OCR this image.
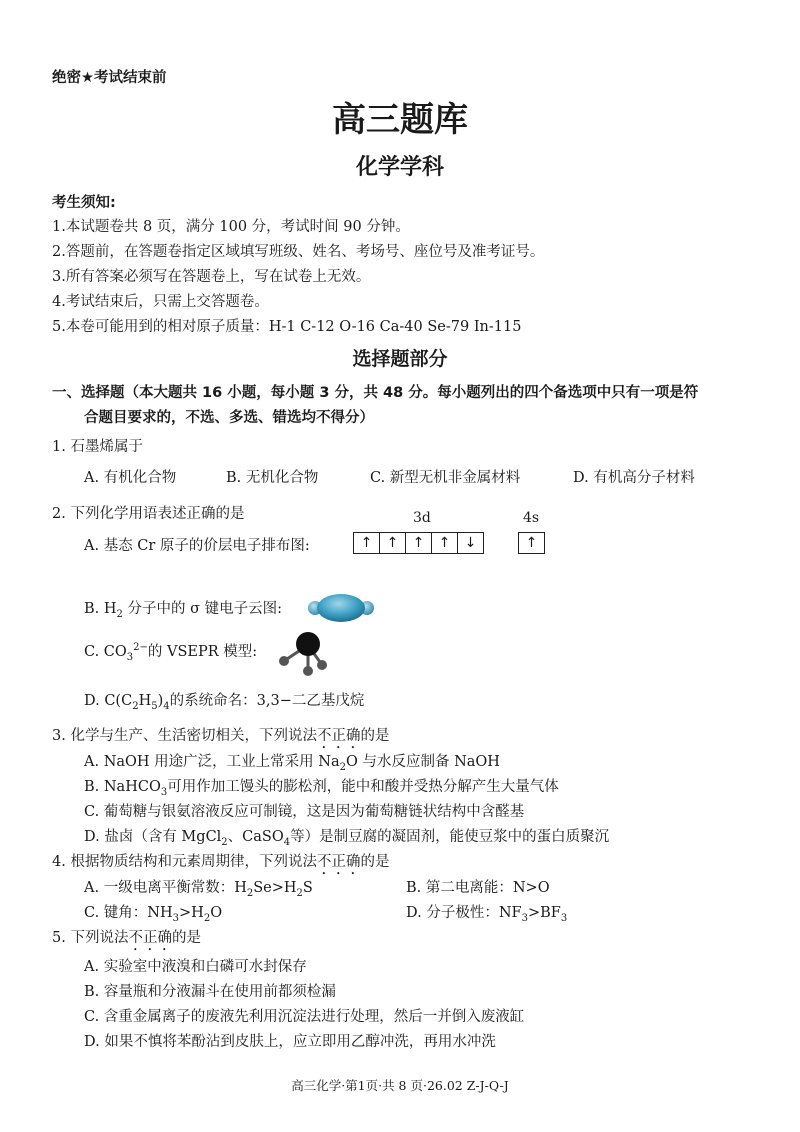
绝密★考试结束前
高三题库
化学学科
考生须知:
1.本试题卷共 8 页，满分 100 分，考试时间 90 分钟。
2.答题前，在答题卷指定区域填写班级、姓名、考场号、座位号及准考证号。
3.所有答案必须写在答题卷上，写在试卷上无效。
4.考试结束后，只需上交答题卷。
5.本卷可能用到的相对原子质量：H-1 C-12 O-16 Ca-40 Se-79 In-115
选择题部分
一、选择题（本大题共 16 小题，每小题 3 分，共 48 分。每小题列出的四个备选项中只有一项是符
合题目要求的，不选、多选、错选均不得分）
1. 石墨烯属于
A. 有机化合物	B. 无机化合物	C. 新型无机非金属材料	D. 有机高分子材料
2. 下列化学用语表述正确的是	3d	4s
A. 基态 Cr 原子的价层电子排布图:	↑	↑	↑	↑	↓	↑
B. $H_2$ 分子中的 σ 键电子云图:
C. $CO_3^{2-}$的 VSEPR 模型:
D. $C(C_2H_5)_4$的系统命名：3,3−二乙基戊烷
3. 化学与生产、生活密切相关，下列说法不正确的是
A. NaOH 用途广泛，工业上常采用 $Na_2O$ 与水反应制备 NaOH
B. NaHCO$_3$可用作加工馒头的膨松剂，能中和酸并受热分解产生大量气体
C. 葡萄糖与银氨溶液反应可制镜，这是因为葡萄糖链状结构中含醛基
D. 盐卤（含有 MgCl$_2$、CaSO$_4$等）是制豆腐的凝固剂，能使豆浆中的蛋白质聚沉
4. 根据物质结构和元素周期律，下列说法不正确的是
A. 一级电离平衡常数：$H_2Se>H_2S$	B. 第二电离能：N>O
C. 键角：$NH_3>H_2O$	D. 分子极性：$NF_3>BF_3$
5. 下列说法不正确的是
A. 实验室中液溴和白磷可水封保存
B. 容量瓶和分液漏斗在使用前都须检漏
C. 含重金属离子的废液先利用沉淀法进行处理，然后一并倒入废液缸
D. 如果不慎将苯酚沾到皮肤上，应立即用乙醇冲洗，再用水冲洗
高三化学·第1页·共 8 页·26.02 Z-J-Q-J
